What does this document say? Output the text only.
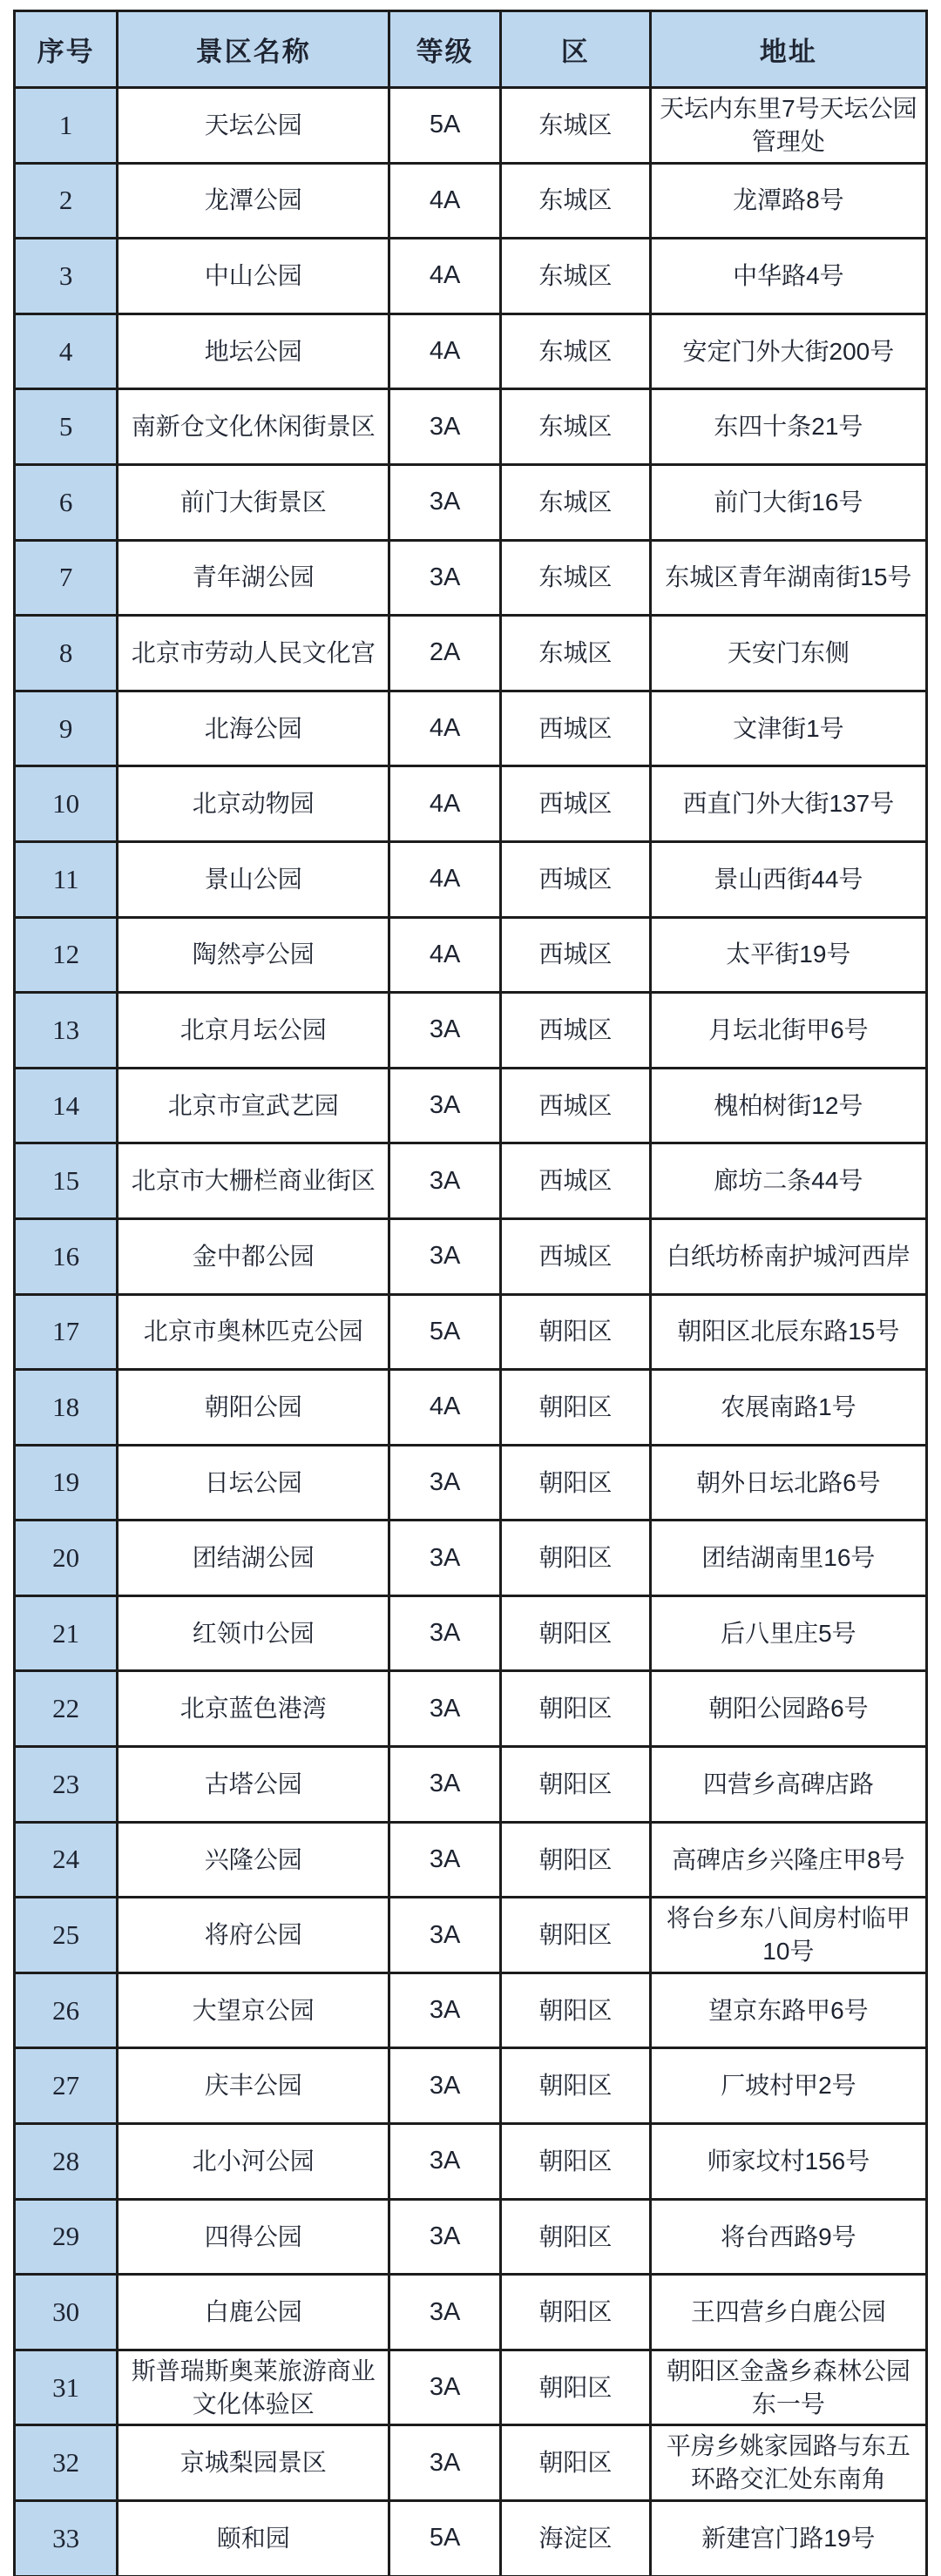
序号	景区名称	等级	区	地址
1	天坛公园	5A	东城区	天坛内东里7号天坛公园管理处
2	龙潭公园	4A	东城区	龙潭路8号
3	中山公园	4A	东城区	中华路4号
4	地坛公园	4A	东城区	安定门外大街200号
5	南新仓文化休闲街景区	3A	东城区	东四十条21号
6	前门大街景区	3A	东城区	前门大街16号
7	青年湖公园	3A	东城区	东城区青年湖南街15号
8	北京市劳动人民文化宫	2A	东城区	天安门东侧
9	北海公园	4A	西城区	文津街1号
10	北京动物园	4A	西城区	西直门外大街137号
11	景山公园	4A	西城区	景山西街44号
12	陶然亭公园	4A	西城区	太平街19号
13	北京月坛公园	3A	西城区	月坛北街甲6号
14	北京市宣武艺园	3A	西城区	槐柏树街12号
15	北京市大栅栏商业街区	3A	西城区	廊坊二条44号
16	金中都公园	3A	西城区	白纸坊桥南护城河西岸
17	北京市奥林匹克公园	5A	朝阳区	朝阳区北辰东路15号
18	朝阳公园	4A	朝阳区	农展南路1号
19	日坛公园	3A	朝阳区	朝外日坛北路6号
20	团结湖公园	3A	朝阳区	团结湖南里16号
21	红领巾公园	3A	朝阳区	后八里庄5号
22	北京蓝色港湾	3A	朝阳区	朝阳公园路6号
23	古塔公园	3A	朝阳区	四营乡高碑店路
24	兴隆公园	3A	朝阳区	高碑店乡兴隆庄甲8号
25	将府公园	3A	朝阳区	将台乡东八间房村临甲10号
26	大望京公园	3A	朝阳区	望京东路甲6号
27	庆丰公园	3A	朝阳区	厂坡村甲2号
28	北小河公园	3A	朝阳区	师家坟村156号
29	四得公园	3A	朝阳区	将台西路9号
30	白鹿公园	3A	朝阳区	王四营乡白鹿公园
31	斯普瑞斯奥莱旅游商业文化体验区	3A	朝阳区	朝阳区金盏乡森林公园东一号
32	京城梨园景区	3A	朝阳区	平房乡姚家园路与东五环路交汇处东南角
33	颐和园	5A	海淀区	新建宫门路19号
